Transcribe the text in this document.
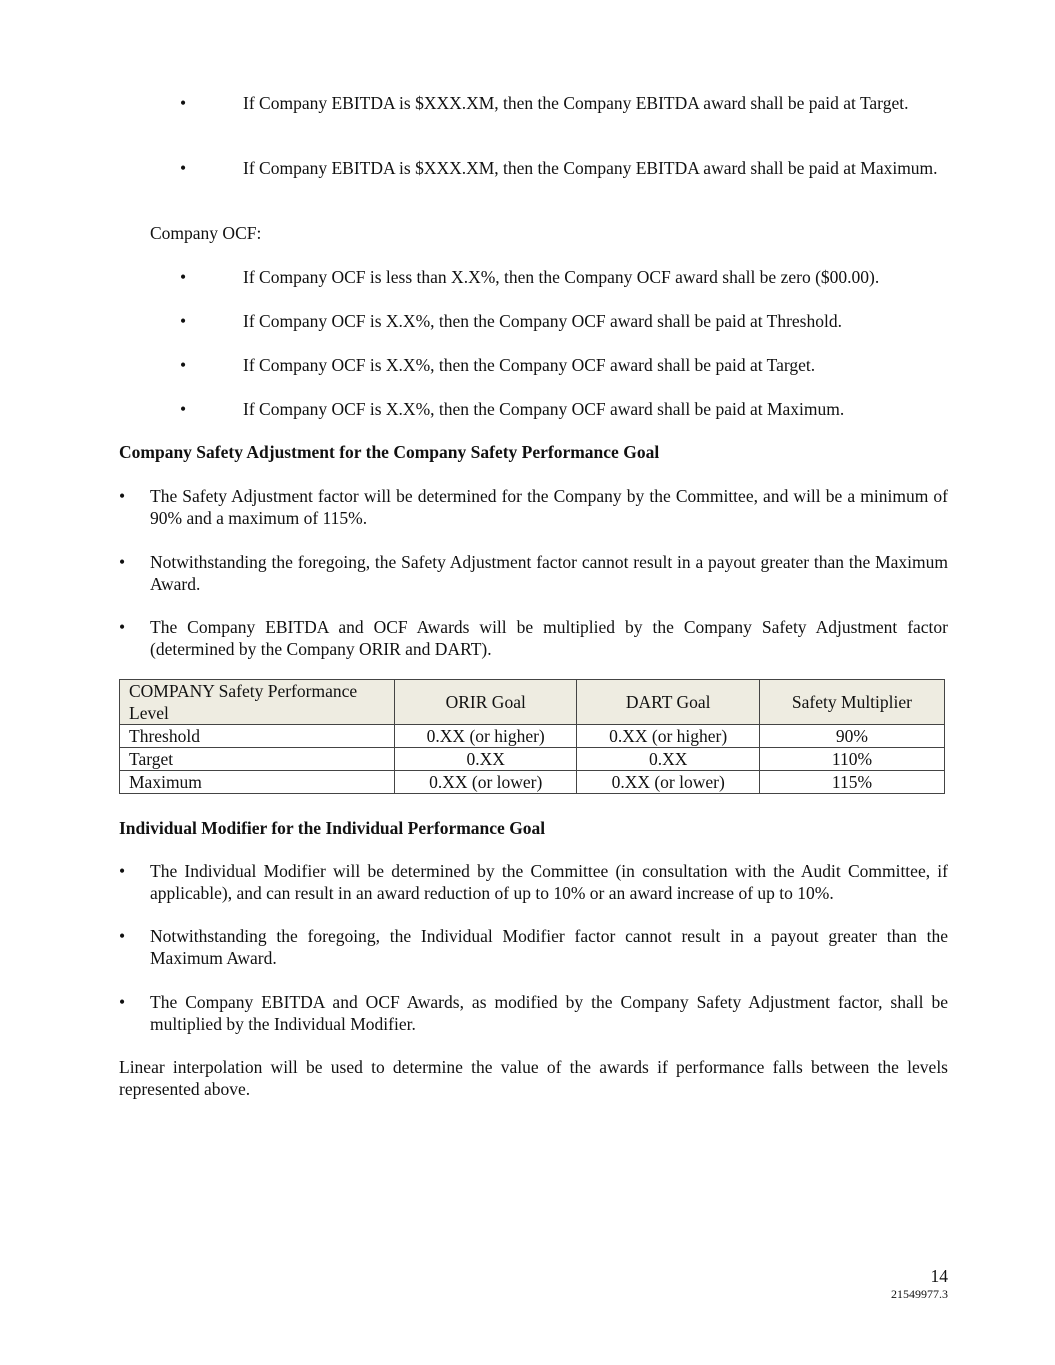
•	If Company EBITDA is $XXX.XM, then the Company EBITDA award shall be paid at Target.
•	If Company EBITDA is $XXX.XM, then the Company EBITDA award shall be paid at Maximum.
Company OCF:
•	If Company OCF is less than X.X%, then the Company OCF award shall be zero ($00.00).
•	If Company OCF is X.X%, then the Company OCF award shall be paid at Threshold.
•	If Company OCF is X.X%, then the Company OCF award shall be paid at Target.
•	If Company OCF is X.X%, then the Company OCF award shall be paid at Maximum.
Company Safety Adjustment for the Company Safety Performance Goal
• The Safety Adjustment factor will be determined for the Company by the Committee, and will be a minimum of 90% and a maximum of 115%.
• Notwithstanding the foregoing, the Safety Adjustment factor cannot result in a payout greater than the Maximum Award.
• The Company EBITDA and OCF Awards will be multiplied by the Company Safety Adjustment factor (determined by the Company ORIR and DART).
COMPANY Safety Performance Level	ORIR Goal	DART Goal	Safety Multiplier
Threshold	0.XX (or higher)	0.XX (or higher)	90%
Target	0.XX	0.XX	110%
Maximum	0.XX (or lower)	0.XX (or lower)	115%
Individual Modifier for the Individual Performance Goal
• The Individual Modifier will be determined by the Committee (in consultation with the Audit Committee, if applicable), and can result in an award reduction of up to 10% or an award increase of up to 10%.
• Notwithstanding the foregoing, the Individual Modifier factor cannot result in a payout greater than the Maximum Award.
• The Company EBITDA and OCF Awards, as modified by the Company Safety Adjustment factor, shall be multiplied by the Individual Modifier.
Linear interpolation will be used to determine the value of the awards if performance falls between the levels represented above.
14
21549977.3
